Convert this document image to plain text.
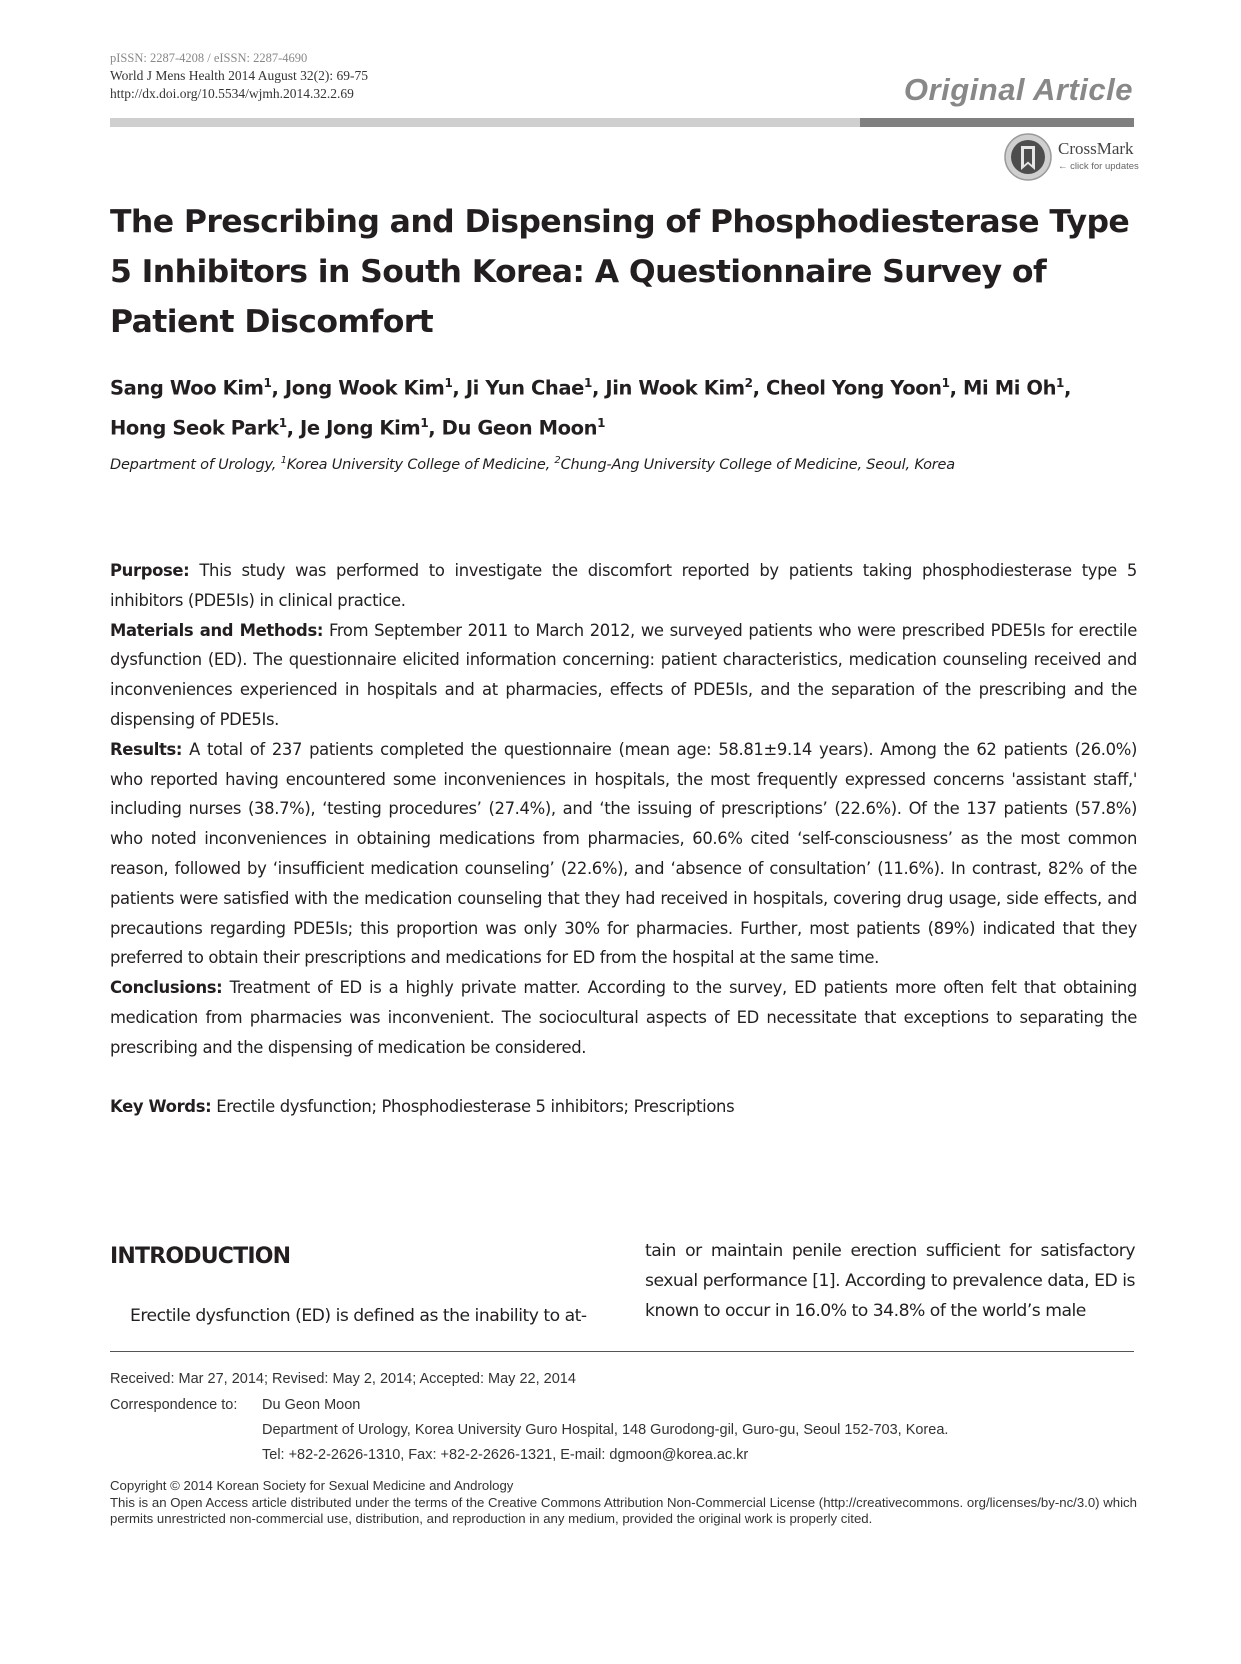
pISSN: 2287-4208 / eISSN: 2287-4690
World J Mens Health 2014 August 32(2): 69-75
http://dx.doi.org/10.5534/wjmh.2014.32.2.69	Original Article
CrossMark
← click for updates
The Prescribing and Dispensing of Phosphodiesterase Type 5 Inhibitors in South Korea: A Questionnaire Survey of Patient Discomfort
Sang Woo Kim$^1$, Jong Wook Kim$^1$, Ji Yun Chae$^1$, Jin Wook Kim$^2$, Cheol Yong Yoon$^1$, Mi Mi Oh$^1$,
Hong Seok Park$^1$, Je Jong Kim$^1$, Du Geon Moon$^1$
Department of Urology, $^1$Korea University College of Medicine, $^2$Chung-Ang University College of Medicine, Seoul, Korea

Purpose: This study was performed to investigate the discomfort reported by patients taking phosphodiesterase type 5 inhibitors (PDE5Is) in clinical practice.

Materials and Methods: From September 2011 to March 2012, we surveyed patients who were prescribed PDE5Is for erectile dysfunction (ED). The questionnaire elicited information concerning: patient characteristics, medication counseling received and inconveniences experienced in hospitals and at pharmacies, effects of PDE5Is, and the separation of the prescribing and the dispensing of PDE5Is.

Results: A total of 237 patients completed the questionnaire (mean age: 58.81±9.14 years). Among the 62 patients (26.0%) who reported having encountered some inconveniences in hospitals, the most frequently expressed concerns 'assistant staff,' including nurses (38.7%), ‘testing procedures’ (27.4%), and ‘the issuing of prescriptions’ (22.6%). Of the 137 patients (57.8%) who noted inconveniences in obtaining medications from pharmacies, 60.6% cited ‘self-consciousness’ as the most common reason, followed by ‘insufficient medication counseling’ (22.6%), and ‘absence of consultation’ (11.6%). In contrast, 82% of the patients were satisfied with the medication counseling that they had received in hospitals, covering drug usage, side effects, and precautions regarding PDE5Is; this proportion was only 30% for pharmacies. Further, most patients (89%) indicated that they preferred to obtain their prescriptions and medications for ED from the hospital at the same time.

Conclusions: Treatment of ED is a highly private matter. According to the survey, ED patients more often felt that obtaining medication from pharmacies was inconvenient. The sociocultural aspects of ED necessitate that exceptions to separating the prescribing and the dispensing of medication be considered.

Key Words: Erectile dysfunction; Phosphodiesterase 5 inhibitors; Prescriptions
INTRODUCTION
Erectile dysfunction (ED) is defined as the inability to at-
tain or maintain penile erection sufficient for satisfactory sexual performance [1]. According to prevalence data, ED is known to occur in 16.0% to 34.8% of the world’s male
Received: Mar 27, 2014; Revised: May 2, 2014; Accepted: May 22, 2014
Correspondence to: Du Geon Moon
Department of Urology, Korea University Guro Hospital, 148 Gurodong-gil, Guro-gu, Seoul 152-703, Korea.
Tel: +82-2-2626-1310, Fax: +82-2-2626-1321, E-mail: dgmoon@korea.ac.kr

Copyright © 2014 Korean Society for Sexual Medicine and Andrology

This is an Open Access article distributed under the terms of the Creative Commons Attribution Non-Commercial License (http://creativecommons. org/licenses/by-nc/3.0) which permits unrestricted non-commercial use, distribution, and reproduction in any medium, provided the original work is properly cited.
